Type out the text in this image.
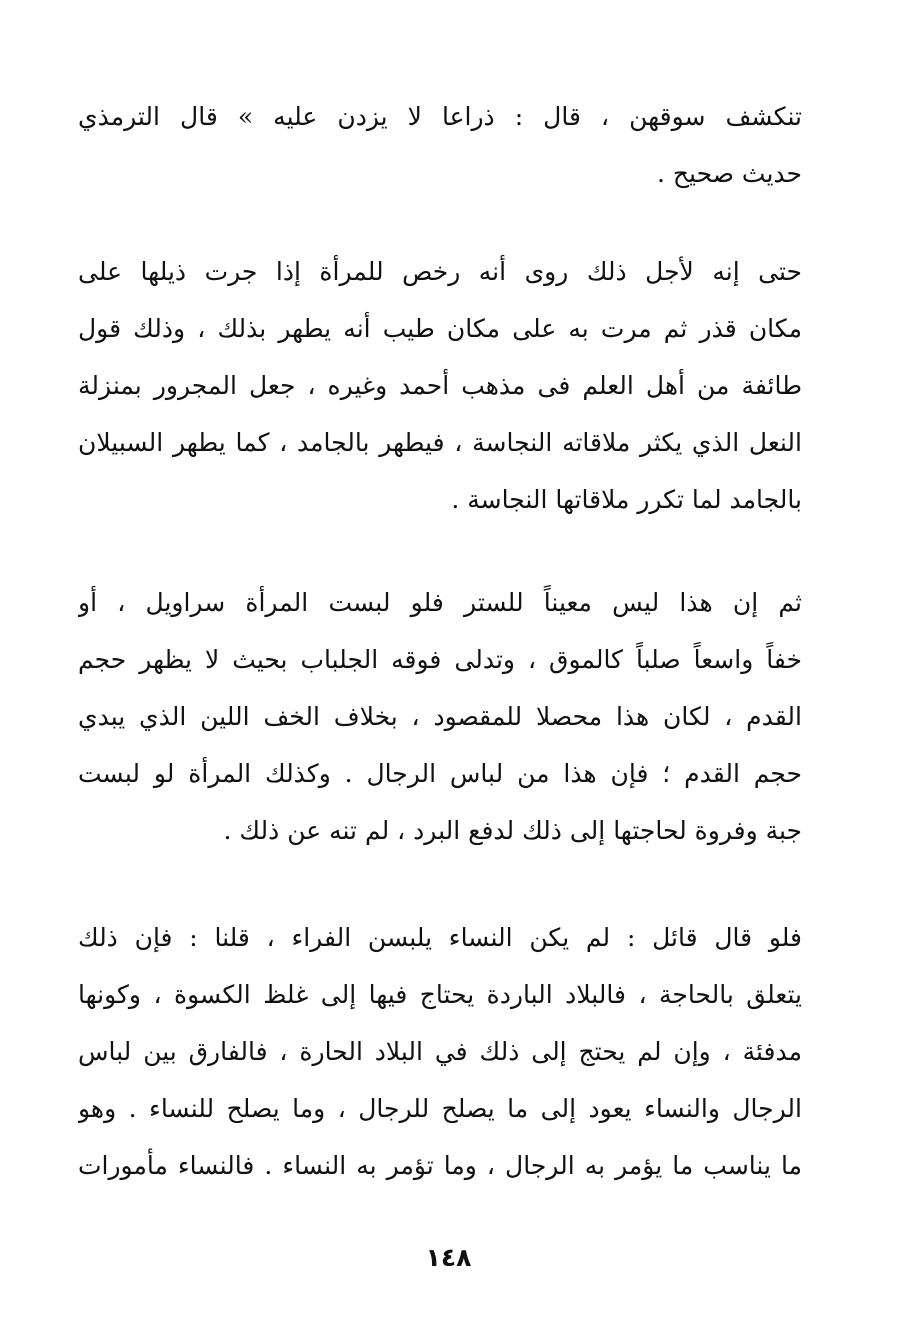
تنكشف سوقهن ، قال : ذراعا لا يزدن عليه » قال الترمذي
حديث صحيح .
حتى إنه لأجل ذلك روى أنه رخص للمرأة إذا جرت ذيلها على
مكان قذر ثم مرت به على مكان طيب أنه يطهر بذلك ، وذلك قول
طائفة من أهل العلم فى مذهب أحمد وغيره ، جعل المجرور بمنزلة
النعل الذي يكثر ملاقاته النجاسة ، فيطهر بالجامد ، كما يطهر السبيلان
بالجامد لما تكرر ملاقاتها النجاسة .
ثم إن هذا ليس معيناً للستر فلو لبست المرأة سراويل ، أو
خفاً واسعاً صلباً كالموق ، وتدلى فوقه الجلباب بحيث لا يظهر حجم
القدم ، لكان هذا محصلا للمقصود ، بخلاف الخف اللين الذي يبدي
حجم القدم ؛ فإن هذا من لباس الرجال . وكذلك المرأة لو لبست
جبة وفروة لحاجتها إلى ذلك لدفع البرد ، لم تنه عن ذلك .
فلو قال قائل : لم يكن النساء يلبسن الفراء ، قلنا : فإن ذلك
يتعلق بالحاجة ، فالبلاد الباردة يحتاج فيها إلى غلظ الكسوة ، وكونها
مدفئة ، وإن لم يحتج إلى ذلك في البلاد الحارة ، فالفارق بين لباس
الرجال والنساء يعود إلى ما يصلح للرجال ، وما يصلح للنساء . وهو
ما يناسب ما يؤمر به الرجال ، وما تؤمر به النساء . فالنساء مأمورات
١٤٨
